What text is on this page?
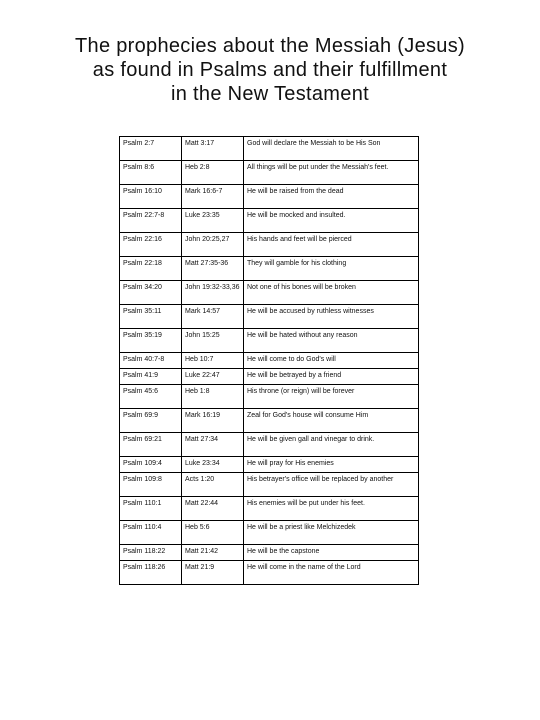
The prophecies about the Messiah (Jesus)

as found in Psalms and their fulfillment

in the New Testament

Psalm 2:7	Matt 3:17	God will declare the Messiah to be His Son
Psalm 8:6	Heb 2:8	All things will be put under the Messiah's feet.
Psalm 16:10	Mark 16:6-7	He will be raised from the dead
Psalm 22:7-8	Luke 23:35	He will be mocked and insulted.
Psalm 22:16	John 20:25,27	His hands and feet will be pierced
Psalm 22:18	Matt 27:35-36	They will gamble for his clothing
Psalm 34:20	John 19:32-33,36	Not one of his bones will be broken
Psalm 35:11	Mark 14:57	He will be accused by ruthless witnesses
Psalm 35:19	John 15:25	He will be hated without any reason
Psalm 40:7-8	Heb 10:7	He will come to do God's will
Psalm 41:9	Luke 22:47	He will be betrayed by a friend
Psalm 45:6	Heb 1:8	His throne (or reign) will be forever
Psalm 69:9	Mark 16:19	Zeal for God's house will consume Him
Psalm 69:21	Matt 27:34	He will be given gall and vinegar to drink.
Psalm 109:4	Luke 23:34	He will pray for His enemies
Psalm 109:8	Acts 1:20	His betrayer's office will be replaced by another
Psalm 110:1	Matt 22:44	His enemies will be put under his feet.
Psalm 110:4	Heb 5:6	He will be a priest like Melchizedek
Psalm 118:22	Matt 21:42	He will be the capstone
Psalm 118:26	Matt 21:9	He will come in the name of the Lord
